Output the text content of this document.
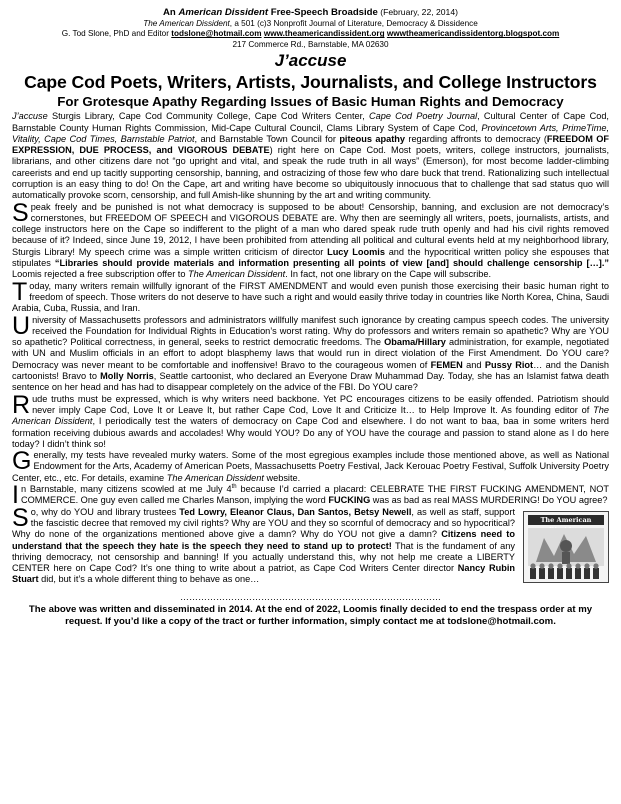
An American Dissident Free-Speech Broadside (February, 22, 2014)
The American Dissident, a 501 (c)3 Nonprofit Journal of Literature, Democracy & Dissidence
G. Tod Slone, PhD and Editor todslone@hotmail.com www.theamericandissident.org wwwtheamericandissidentorg.blogspot.com
217 Commerce Rd., Barnstable, MA 02630
J’accuse
Cape Cod Poets, Writers, Artists, Journalists, and College Instructors
For Grotesque Apathy Regarding Issues of Basic Human Rights and Democracy

J’accuse Sturgis Library, Cape Cod Community College, Cape Cod Writers Center, Cape Cod Poetry Journal, Cultural Center of Cape Cod, Barnstable County Human Rights Commission, Mid-Cape Cultural Council, Clams Library System of Cape Cod, Provincetown Arts, PrimeTime, Vitality, Cape Cod Times, Barnstable Patriot, and Barnstable Town Council for piteous apathy regarding affronts to democracy (FREEDOM OF EXPRESSION, DUE PROCESS, and VIGOROUS DEBATE) right here on Cape Cod. Most poets, writers, college instructors, journalists, librarians, and other citizens dare not “go upright and vital, and speak the rude truth in all ways” (Emerson), for most become ladder-climbing careerists and end up tacitly supporting censorship, banning, and ostracizing of those few who dare buck that trend. Rationalizing such intellectual corruption is an easy thing to do! On the Cape, art and writing have become so ubiquitously innocuous that to challenge that sad status quo will automatically provoke scorn, censorship, and full Amish-like shunning by the art and writing community.

Speak freely and be punished is not what democracy is supposed to be about! Censorship, banning, and exclusion are not democracy’s cornerstones, but FREEDOM OF SPEECH and VIGOROUS DEBATE are. Why then are seemingly all writers, poets, journalists, artists, and college instructors here on the Cape so indifferent to the plight of a man who dared speak rude truth openly and had his civil rights removed because of it? Indeed, since June 19, 2012, I have been prohibited from attending all political and cultural events held at my neighborhood library, Sturgis Library! My speech crime was a simple written criticism of director Lucy Loomis and the hypocritical written policy she espouses that stipulates “Libraries should provide materials and information presenting all points of view [and] should challenge censorship […].” Loomis rejected a free subscription offer to The American Dissident. In fact, not one library on the Cape will subscribe.

Today, many writers remain willfully ignorant of the FIRST AMENDMENT and would even punish those exercising their basic human right to freedom of speech. Those writers do not deserve to have such a right and would easily thrive today in countries like North Korea, China, Saudi Arabia, Cuba, Russia, and Iran.

University of Massachusetts professors and administrators willfully manifest such ignorance by creating campus speech codes. The university received the Foundation for Individual Rights in Education’s worst rating. Why do professors and writers remain so apathetic? Why are YOU so apathetic? Political correctness, in general, seeks to restrict democratic freedoms. The Obama/Hillary administration, for example, negotiated with UN and Muslim officials in an effort to adopt blasphemy laws that would run in direct violation of the First Amendment. Do YOU care? Democracy was never meant to be comfortable and inoffensive! Bravo to the courageous women of FEMEN and Pussy Riot… and the Danish cartoonists! Bravo to Molly Norris, Seattle cartoonist, who declared an Everyone Draw Muhammad Day. Today, she has an Islamist fatwa death sentence on her head and has had to disappear completely on the advice of the FBI. Do YOU care?

Rude truths must be expressed, which is why writers need backbone. Yet PC encourages citizens to be easily offended. Patriotism should never imply Cape Cod, Love It or Leave It, but rather Cape Cod, Love It and Criticize It… to Help Improve It. As founding editor of The American Dissident, I periodically test the waters of democracy on Cape Cod and elsewhere. I do not want to baa, baa in some writers herd formation receiving dubious awards and accolades! Why would YOU? Do any of YOU have the courage and passion to stand alone as I do here today? I didn’t think so!

Generally, my tests have revealed murky waters. Some of the most egregious examples include those mentioned above, as well as National Endowment for the Arts, Academy of American Poets, Massachusetts Poetry Festival, Jack Kerouac Poetry Festival, Suffolk University Poetry Center, etc., etc. For details, examine The American Dissident website.

In Barnstable, many citizens scowled at me July 4th because I’d carried a placard: CELEBRATE THE FIRST FUCKING AMENDMENT, NOT COMMERCE. One guy even called me Charles Manson, implying the word FUCKING was as bad as real MASS MURDERING! Do YOU agree?

The American

So, why do YOU and library trustees Ted Lowry, Eleanor Claus, Dan Santos, Betsy Newell, as well as staff, support the fascistic decree that removed my civil rights? Why are YOU and they so scornful of democracy and so hypocritical? Why do none of the organizations mentioned above give a damn? Why do YOU not give a damn? Citizens need to understand that the speech they hate is the speech they need to stand up to protect! That is the fundament of any thriving democracy, not censorship and banning! If you actually understand this, why not help me create a LIBERTY CENTER here on Cape Cod? It’s one thing to write about a patriot, as Cape Cod Writers Center director Nancy Rubin Stuart did, but it’s a whole different thing to behave as one…

……………………………………………………………………………
The above was written and disseminated in 2014. At the end of 2022, Loomis finally decided to end the trespass order at my
request. If you’d like a copy of the tract or further information, simply contact me at todslone@hotmail.com.
